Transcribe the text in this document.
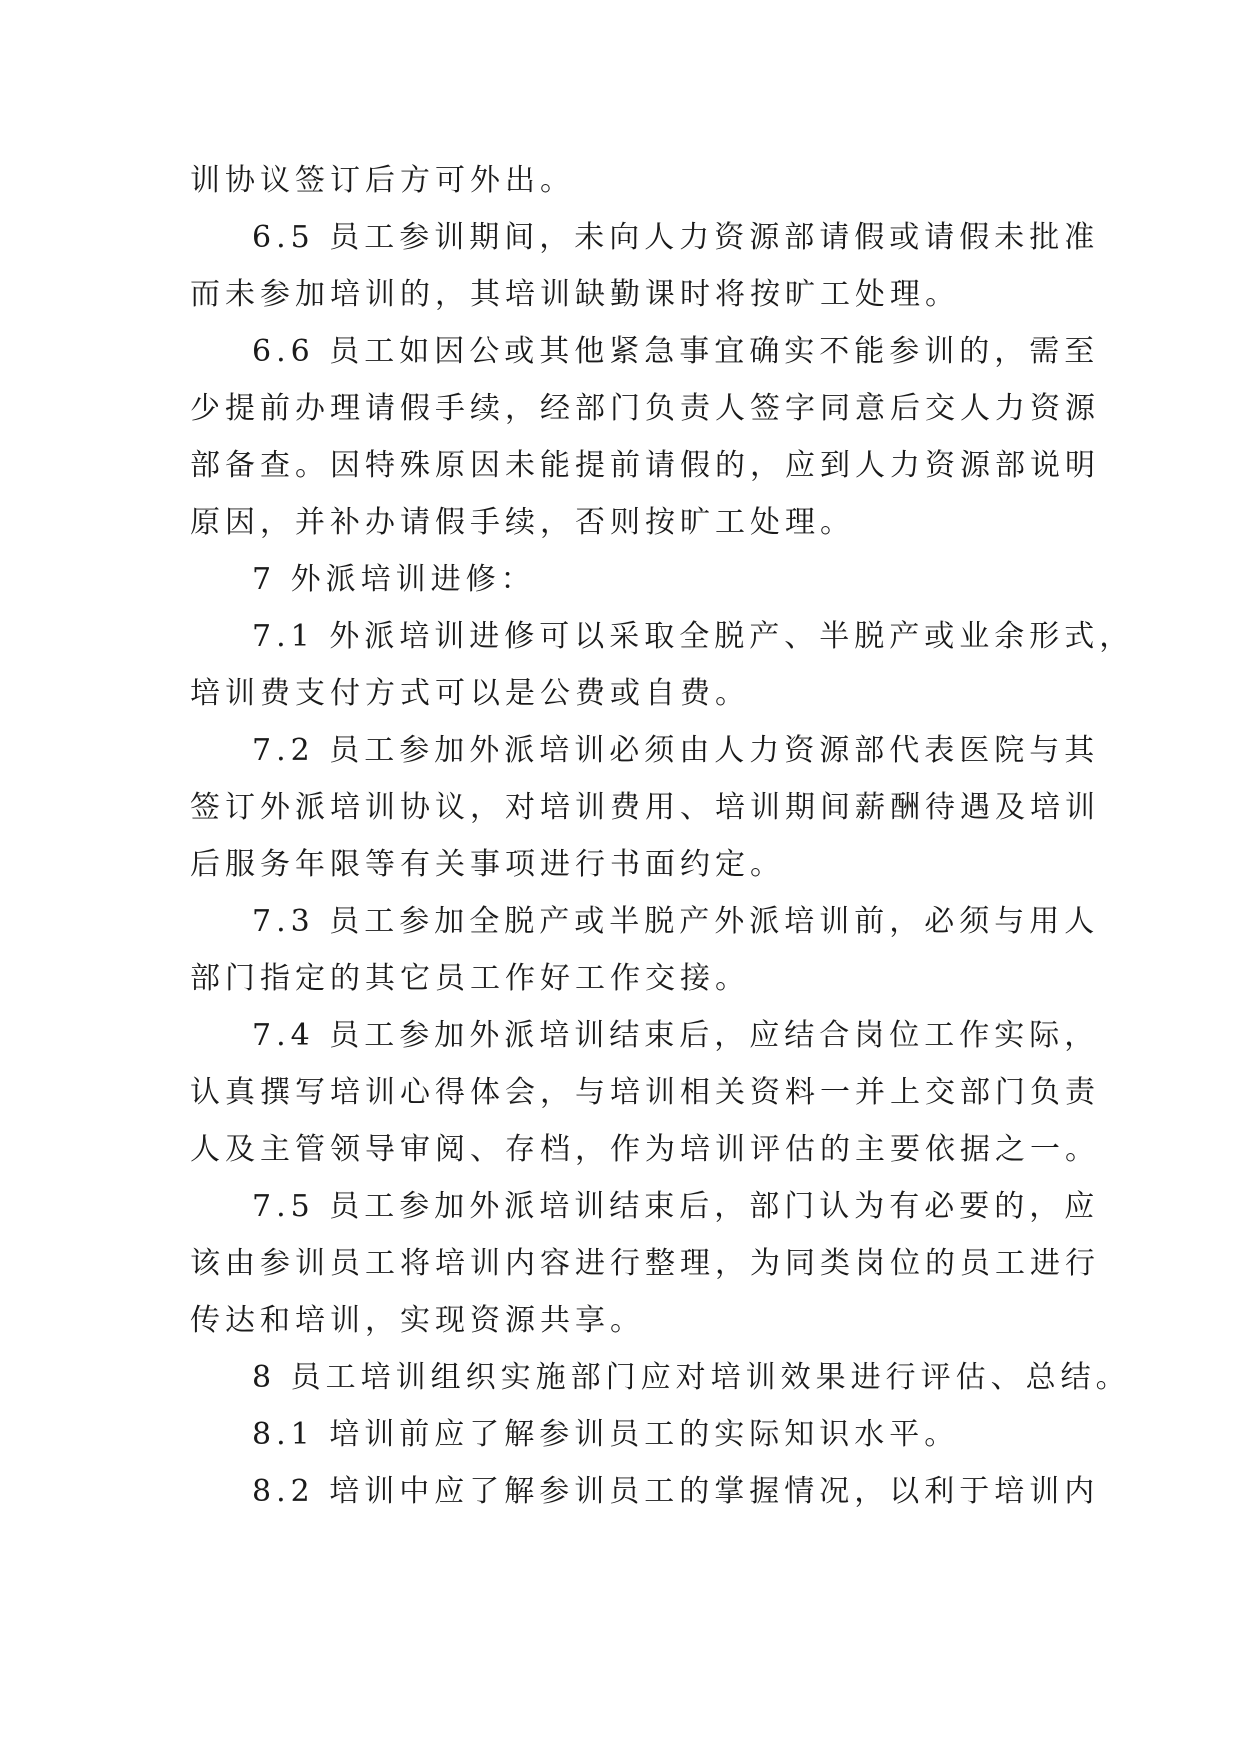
训协议签订后方可外出。
6.5 员工参训期间，未向人力资源部请假或请假未批准
而未参加培训的，其培训缺勤课时将按旷工处理。
6.6 员工如因公或其他紧急事宜确实不能参训的，需至
少提前办理请假手续，经部门负责人签字同意后交人力资源
部备查。因特殊原因未能提前请假的，应到人力资源部说明
原因，并补办请假手续，否则按旷工处理。
7 外派培训进修：
7.1 外派培训进修可以采取全脱产、半脱产或业余形式，
培训费支付方式可以是公费或自费。
7.2 员工参加外派培训必须由人力资源部代表医院与其
签订外派培训协议，对培训费用、培训期间薪酬待遇及培训
后服务年限等有关事项进行书面约定。
7.3 员工参加全脱产或半脱产外派培训前，必须与用人
部门指定的其它员工作好工作交接。
7.4 员工参加外派培训结束后，应结合岗位工作实际，
认真撰写培训心得体会，与培训相关资料一并上交部门负责
人及主管领导审阅、存档，作为培训评估的主要依据之一。
7.5 员工参加外派培训结束后，部门认为有必要的，应
该由参训员工将培训内容进行整理，为同类岗位的员工进行
传达和培训，实现资源共享。
8 员工培训组织实施部门应对培训效果进行评估、总结。
8.1 培训前应了解参训员工的实际知识水平。
8.2 培训中应了解参训员工的掌握情况，以利于培训内
